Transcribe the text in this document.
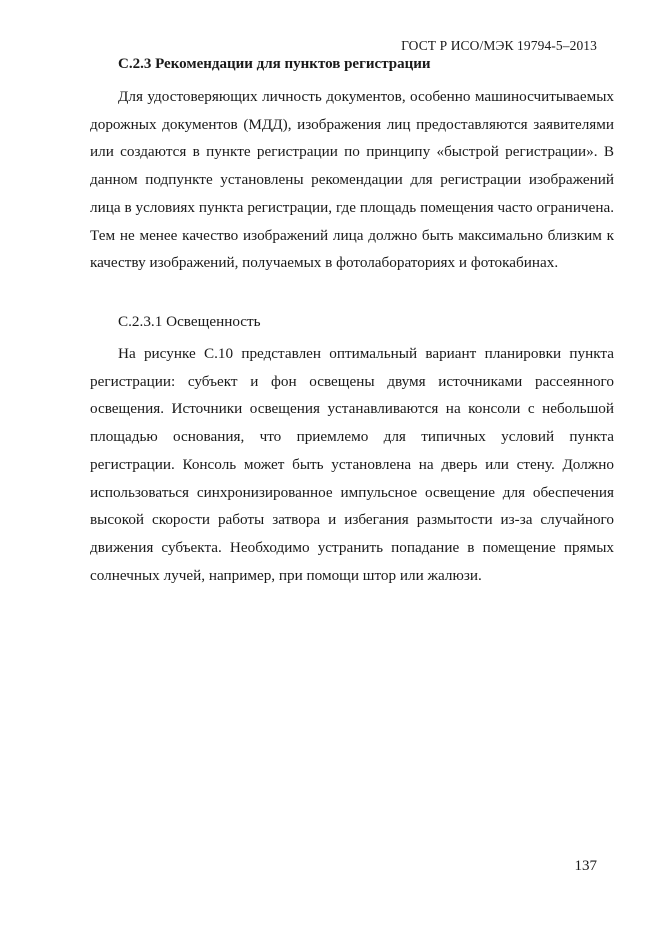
ГОСТ Р ИСО/МЭК 19794-5–2013
С.2.3 Рекомендации для пунктов регистрации

Для удостоверяющих личность документов, особенно машиносчитываемых дорожных документов (МДД), изображения лиц предоставляются заявителями или создаются в пункте регистрации по принципу «быстрой регистрации». В данном подпункте установлены рекомендации для регистрации изображений лица в условиях пункта регистрации, где площадь помещения часто ограничена. Тем не менее качество изображений лица должно быть максимально близким к качеству изображений, получаемых в фотолабораториях и фотокабинах.

С.2.3.1 Освещенность

На рисунке С.10 представлен оптимальный вариант планировки пункта регистрации: субъект и фон освещены двумя источниками рассеянного освещения. Источники освещения устанавливаются на консоли с небольшой площадью основания, что приемлемо для типичных условий пункта регистрации. Консоль может быть установлена на дверь или стену. Должно использоваться синхронизированное импульсное освещение для обеспечения высокой скорости работы затвора и избегания размытости из-за случайного движения субъекта. Необходимо устранить попадание в помещение прямых солнечных лучей, например, при помощи штор или жалюзи.

137
